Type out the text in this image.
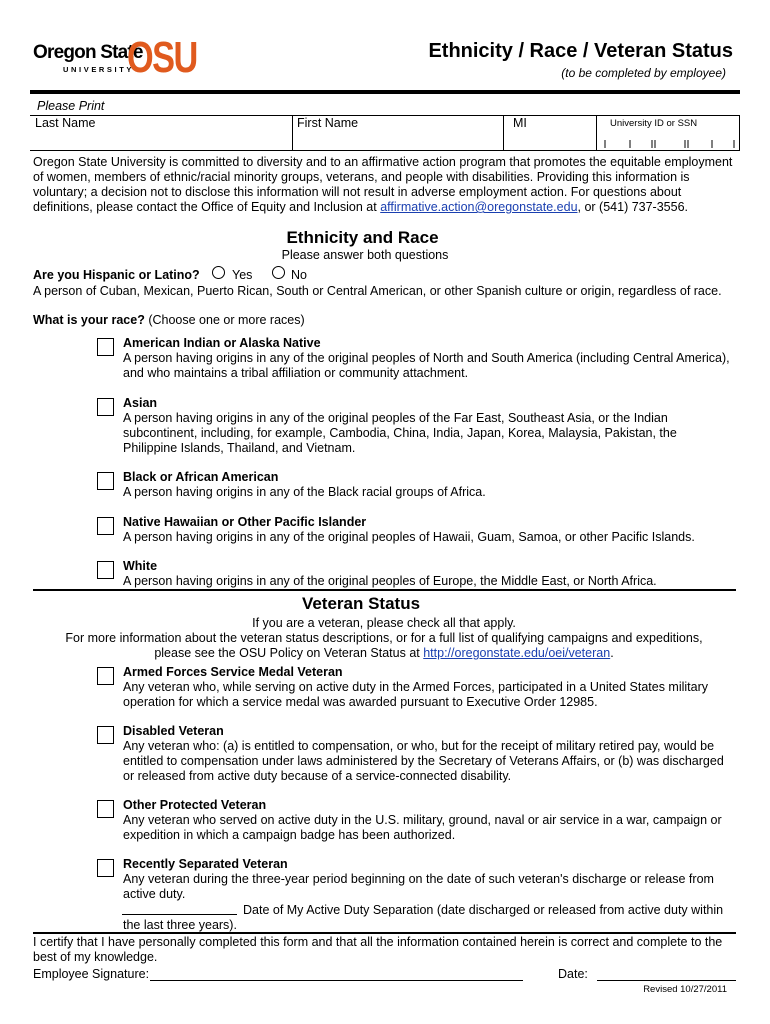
Oregon State
UNIVERSITY
OSU	Ethnicity / Race / Veteran Status
(to be completed by employee)
Please Print
Last Name	First Name	MI	University ID or SSN
Oregon State University is committed to diversity and to an affirmative action program that promotes the equitable employment of women, members of ethnic/racial minority groups, veterans, and people with disabilities. Providing this information is voluntary; a decision not to disclose this information will not result in adverse employment action. For questions about definitions, please contact the Office of Equity and Inclusion at affirmative.action@oregonstate.edu, or (541) 737-3556.
Ethnicity and Race
Please answer both questions
Are you Hispanic or Latino?	Yes	No
A person of Cuban, Mexican, Puerto Rican, South or Central American, or other Spanish culture or origin, regardless of race.
What is your race? (Choose one or more races)
American Indian or Alaska Native
A person having origins in any of the original peoples of North and South America (including Central America), and who maintains a tribal affiliation or community attachment.
Asian
A person having origins in any of the original peoples of the Far East, Southeast Asia, or the Indian subcontinent, including, for example, Cambodia, China, India, Japan, Korea, Malaysia, Pakistan, the Philippine Islands, Thailand, and Vietnam.
Black or African American
A person having origins in any of the Black racial groups of Africa.
Native Hawaiian or Other Pacific Islander
A person having origins in any of the original peoples of Hawaii, Guam, Samoa, or other Pacific Islands.
White
A person having origins in any of the original peoples of Europe, the Middle East, or North Africa.
Veteran Status
If you are a veteran, please check all that apply.
For more information about the veteran status descriptions, or for a full list of qualifying campaigns and expeditions,
please see the OSU Policy on Veteran Status at http://oregonstate.edu/oei/veteran.
Armed Forces Service Medal Veteran
Any veteran who, while serving on active duty in the Armed Forces, participated in a United States military operation for which a service medal was awarded pursuant to Executive Order 12985.
Disabled Veteran
Any veteran who: (a) is entitled to compensation, or who, but for the receipt of military retired pay, would be entitled to compensation under laws administered by the Secretary of Veterans Affairs, or (b) was discharged or released from active duty because of a service-connected disability.
Other Protected Veteran
Any veteran who served on active duty in the U.S. military, ground, naval or air service in a war, campaign or expedition in which a campaign badge has been authorized.
Recently Separated Veteran
Any veteran during the three-year period beginning on the date of such veteran's discharge or release from active duty.
Date of My Active Duty Separation (date discharged or released from active duty within
the last three years).
I certify that I have personally completed this form and that all the information contained herein is correct and complete to the best of my knowledge.
Employee Signature:	Date:
Revised 10/27/2011
